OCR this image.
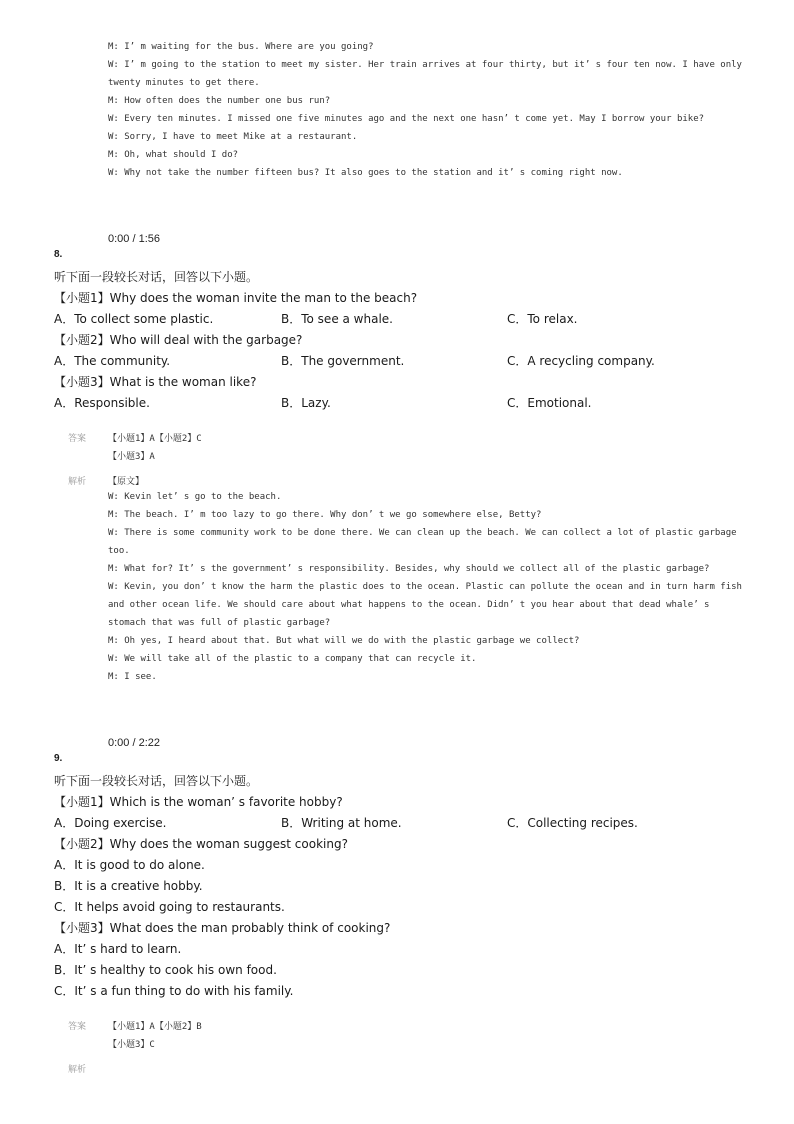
M: I’ m waiting for the bus. Where are you going?
W: I’ m going to the station to meet my sister. Her train arrives at four thirty, but it’ s four ten now. I have only
twenty minutes to get there.
M: How often does the number one bus run?
W: Every ten minutes. I missed one five minutes ago and the next one hasn’ t come yet. May I borrow your bike?
W: Sorry, I have to meet Mike at a restaurant.
M: Oh, what should I do?
W: Why not take the number fifteen bus? It also goes to the station and it’ s coming right now.
0:00 / 1:56
8.
听下面一段较长对话，回答以下小题。
【小题1】Why does the woman invite the man to the beach?
A．To collect some plastic.	B．To see a whale.	C．To relax.
【小题2】Who will deal with the garbage?
A．The community.	B．The government.	C．A recycling company.
【小题3】What is the woman like?
A．Responsible.	B．Lazy.	C．Emotional.
答案 【小题1】A【小题2】C
【小题3】A
解析 【原文】
W: Kevin let’ s go to the beach.
M: The beach. I’ m too lazy to go there. Why don’ t we go somewhere else, Betty?
W: There is some community work to be done there. We can clean up the beach. We can collect a lot of plastic garbage
too.
M: What for? It’ s the government’ s responsibility. Besides, why should we collect all of the plastic garbage?
W: Kevin, you don’ t know the harm the plastic does to the ocean. Plastic can pollute the ocean and in turn harm fish
and other ocean life. We should care about what happens to the ocean. Didn’ t you hear about that dead whale’ s
stomach that was full of plastic garbage?
M: Oh yes, I heard about that. But what will we do with the plastic garbage we collect?
W: We will take all of the plastic to a company that can recycle it.
M: I see.
0:00 / 2:22
9.
听下面一段较长对话，回答以下小题。
【小题1】Which is the woman’ s favorite hobby?
A．Doing exercise.	B．Writing at home.	C．Collecting recipes.
【小题2】Why does the woman suggest cooking?
A．It is good to do alone.
B．It is a creative hobby.
C．It helps avoid going to restaurants.
【小题3】What does the man probably think of cooking?
A．It’ s hard to learn.
B．It’ s healthy to cook his own food.
C．It’ s a fun thing to do with his family.
答案 【小题1】A【小题2】B
【小题3】C
解析
